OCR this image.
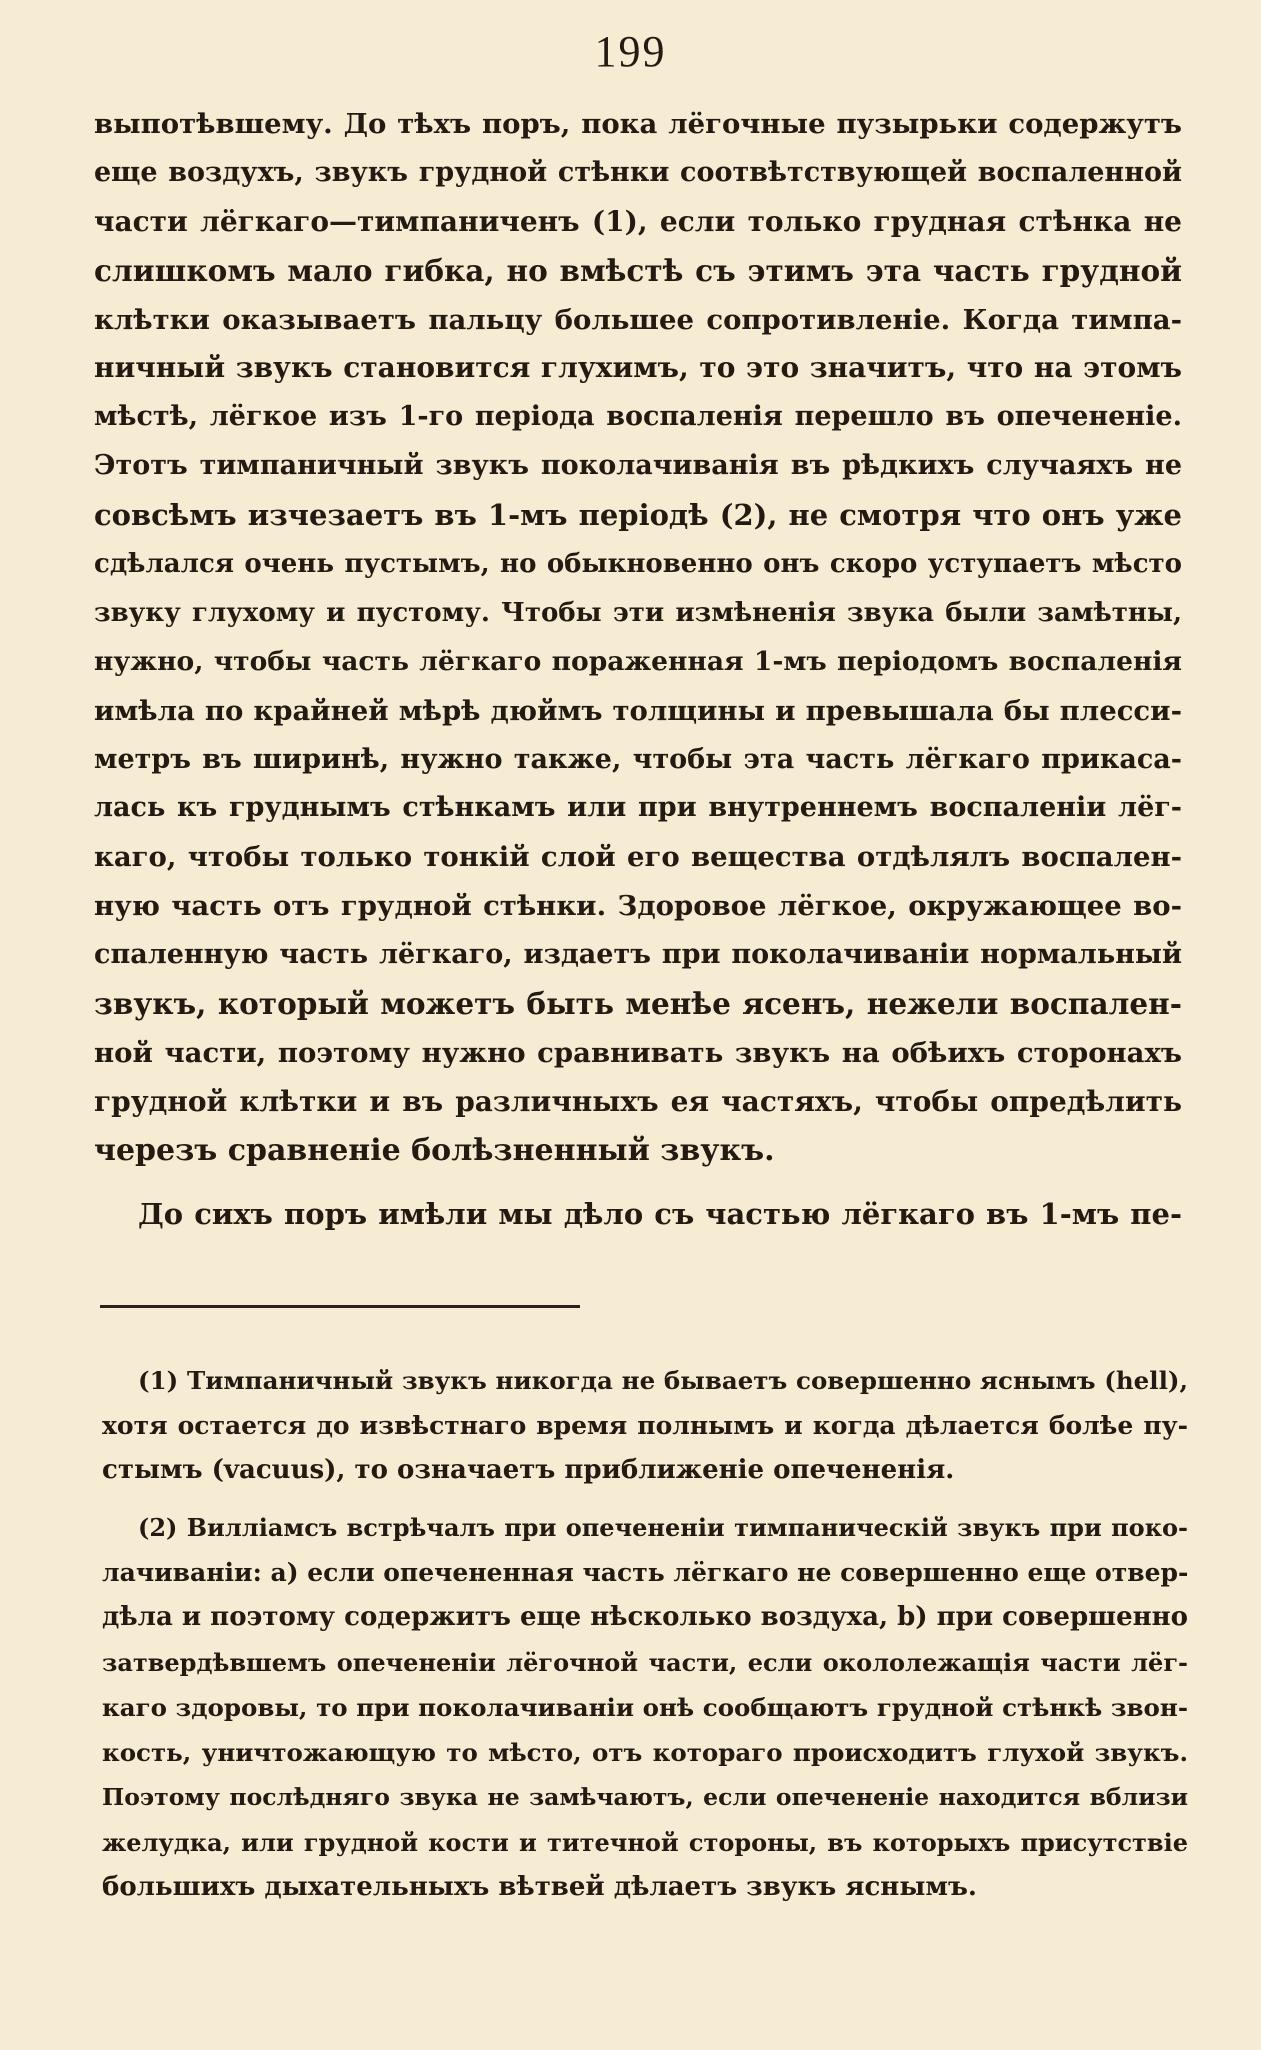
199
выпотѣвшему. До тѣхъ поръ, пока лёгочные пузырьки содержутъ
еще воздухъ, звукъ грудной стѣнки соотвѣтствующей воспаленной
части лёгкаго—тимпаниченъ (1), если только грудная стѣнка не
слишкомъ мало гибка, но вмѣстѣ съ этимъ эта часть грудной
клѣтки оказываетъ пальцу большее сопротивленіе. Когда тимпа-
ничный звукъ становится глухимъ, то это значитъ, что на этомъ
мѣстѣ, лёгкое изъ 1-го періода воспаленія перешло въ опечененіе.
Этотъ тимпаничный звукъ поколачиванія въ рѣдкихъ случаяхъ не
совсѣмъ изчезаетъ въ 1-мъ періодѣ (2), не смотря что онъ уже
сдѣлался очень пустымъ, но обыкновенно онъ скоро уступаетъ мѣсто
звуку глухому и пустому. Чтобы эти измѣненія звука были замѣтны,
нужно, чтобы часть лёгкаго пораженная 1-мъ періодомъ воспаленія
имѣла по крайней мѣрѣ дюймъ толщины и превышала бы плесси-
метръ въ ширинѣ, нужно также, чтобы эта часть лёгкаго прикаса-
лась къ груднымъ стѣнкамъ или при внутреннемъ воспаленіи лёг-
каго, чтобы только тонкій слой его вещества отдѣлялъ воспален-
ную часть отъ грудной стѣнки. Здоровое лёгкое, окружающее во-
спаленную часть лёгкаго, издаетъ при поколачиваніи нормальный
звукъ, который можетъ быть менѣе ясенъ, нежели воспален-
ной части, поэтому нужно сравнивать звукъ на обѣихъ сторонахъ
грудной клѣтки и въ различныхъ ея частяхъ, чтобы опредѣлить
черезъ сравненіе болѣзненный звукъ.
До сихъ поръ имѣли мы дѣло съ частью лёгкаго въ 1-мъ пе-
(1) Тимпаничный звукъ никогда не бываетъ совершенно яснымъ (hell),
хотя остается до извѣстнаго время полнымъ и когда дѣлается болѣе пу-
стымъ (vacuus), то означаетъ приближеніе опечененія.
(2) Вилліамсъ встрѣчалъ при опечененіи тимпаническій звукъ при поко-
лачиваніи: a) если опечененная часть лёгкаго не совершенно еще отвер-
дѣла и поэтому содержитъ еще нѣсколько воздуха, b) при совершенно
затвердѣвшемъ опечененіи лёгочной части, если окололежащія части лёг-
каго здоровы, то при поколачиваніи онѣ сообщаютъ грудной стѣнкѣ звон-
кость, уничтожающую то мѣсто, отъ котораго происходитъ глухой звукъ.
Поэтому послѣдняго звука не замѣчаютъ, если опечененіе находится вблизи
желудка, или грудной кости и титечной стороны, въ которыхъ присутствіе
большихъ дыхательныхъ вѣтвей дѣлаетъ звукъ яснымъ.
